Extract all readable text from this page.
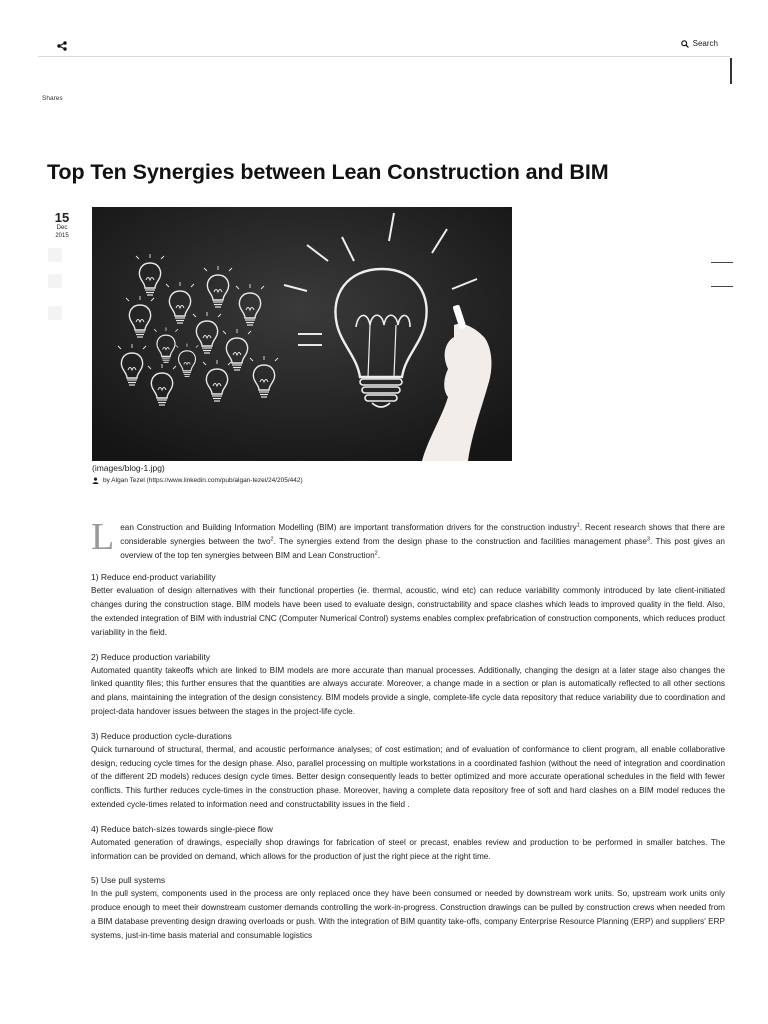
Search
Shares
Top Ten Synergies between Lean Construction and BIM
15
Dec
2015
(images/blog-1.jpg)
by Algan Tezel (https://www.linkedin.com/pub/algan-tezel/24/205/442)

Lean Construction and Building Information Modelling (BIM) are important transformation drivers for the construction industry$^1$. Recent research shows that there are considerable synergies between the two$^2$. The synergies extend from the design phase to the construction and facilities management phase$^3$. This post gives an overview of the top ten synergies between BIM and Lean Construction$^2$.

1) Reduce end-product variability

Better evaluation of design alternatives with their functional properties (ie. thermal, acoustic, wind etc) can reduce variability commonly introduced by late client-initiated changes during the construction stage. BIM models have been used to evaluate design, constructability and space clashes which leads to improved quality in the field. Also, the extended integration of BIM with industrial CNC (Computer Numerical Control) systems enables complex prefabrication of construction components, which reduces product variability in the field.

2) Reduce production variability

Automated quantity takeoffs which are linked to BIM models are more accurate than manual processes. Additionally, changing the design at a later stage also changes the linked quantity files; this further ensures that the quantities are always accurate. Moreover, a change made in a section or plan is automatically reflected to all other sections and plans, maintaining the integration of the design consistency. BIM models provide a single, complete-life cycle data repository that reduce variability due to coordination and project-data handover issues between the stages in the project-life cycle.

3) Reduce production cycle-durations

Quick turnaround of structural, thermal, and acoustic performance analyses; of cost estimation; and of evaluation of conformance to client program, all enable collaborative design, reducing cycle times for the design phase. Also, parallel processing on multiple workstations in a coordinated fashion (without the need of integration and coordination of the different 2D models) reduces design cycle times. Better design consequently leads to better optimized and more accurate operational schedules in the field with fewer conflicts. This further reduces cycle-times in the construction phase. Moreover, having a complete data repository free of soft and hard clashes on a BIM model reduces the extended cycle-times related to information need and constructability issues in the field .

4) Reduce batch-sizes towards single-piece flow

Automated generation of drawings, especially shop drawings for fabrication of steel or precast, enables review and production to be performed in smaller batches. The information can be provided on demand, which allows for the production of just the right piece at the right time.

5) Use pull systems

In the pull system, components used in the process are only replaced once they have been consumed or needed by downstream work units. So, upstream work units only produce enough to meet their downstream customer demands controlling the work-in-progress. Construction drawings can be pulled by construction crews when needed from a BIM database preventing design drawing overloads or push. With the integration of BIM quantity take-offs, company Enterprise Resource Planning (ERP) and suppliers' ERP systems, just-in-time basis material and consumable logistics
